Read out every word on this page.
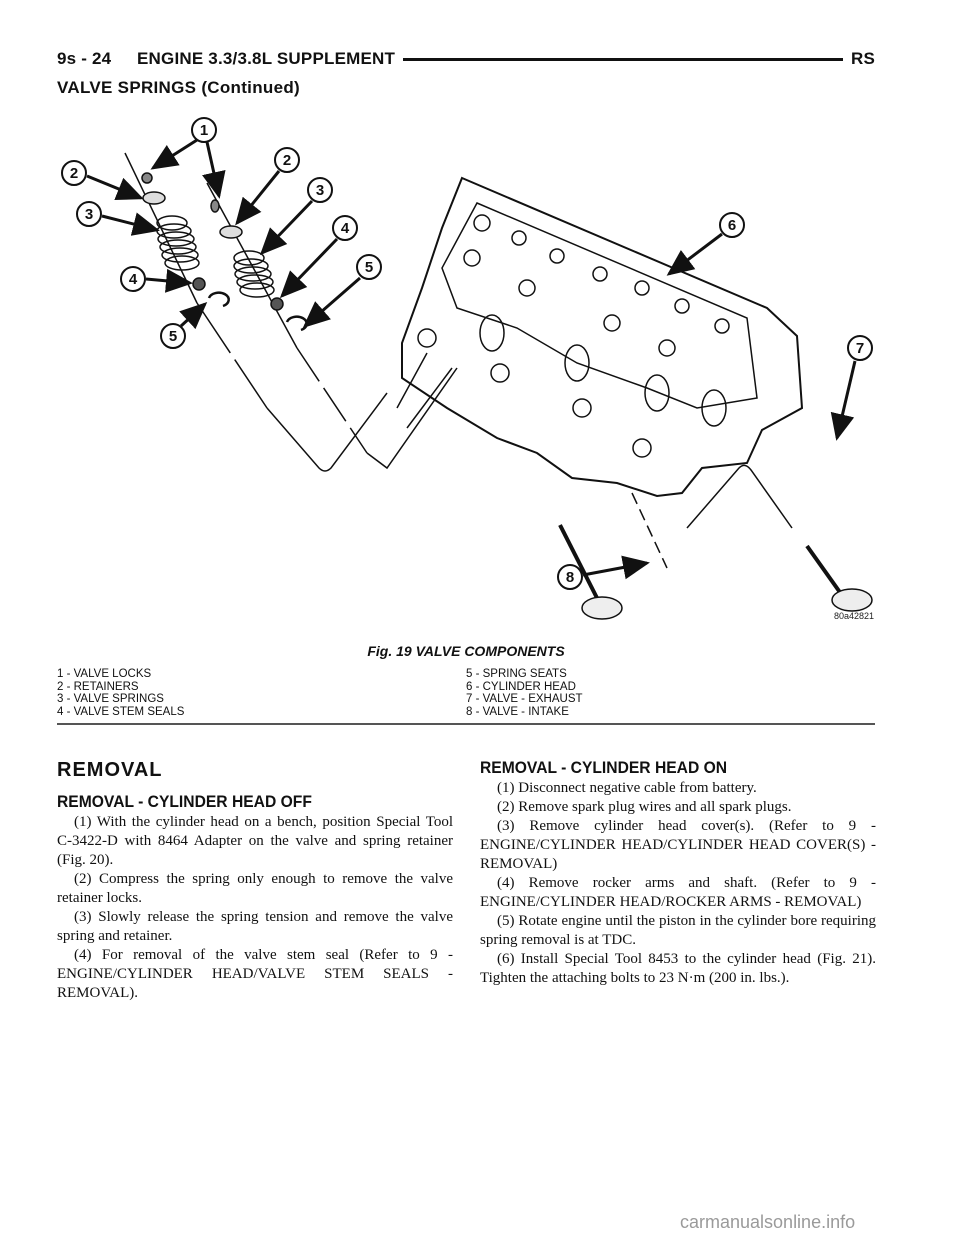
9s - 24	ENGINE 3.3/3.8L SUPPLEMENT	RS
VALVE SPRINGS (Continued)
1
2
2
3
3
4
4
5
5
6
7
8
80a42821
Fig. 19 VALVE COMPONENTS
1 - VALVE LOCKS
2 - RETAINERS
3 - VALVE SPRINGS
4 - VALVE STEM SEALS
5 - SPRING SEATS
6 - CYLINDER HEAD
7 - VALVE - EXHAUST
8 - VALVE - INTAKE
REMOVAL
REMOVAL - CYLINDER HEAD OFF

(1) With the cylinder head on a bench, position Special Tool C-3422-D with 8464 Adapter on the valve and spring retainer (Fig. 20).

(2) Compress the spring only enough to remove the valve retainer locks.

(3) Slowly release the spring tension and remove the valve spring and retainer.

(4) For removal of the valve stem seal (Refer to 9 - ENGINE/CYLINDER HEAD/VALVE STEM SEALS - REMOVAL).

REMOVAL - CYLINDER HEAD ON

(1) Disconnect negative cable from battery.

(2) Remove spark plug wires and all spark plugs.

(3) Remove cylinder head cover(s). (Refer to 9 - ENGINE/CYLINDER HEAD/CYLINDER HEAD COVER(S) - REMOVAL)

(4) Remove rocker arms and shaft. (Refer to 9 - ENGINE/CYLINDER HEAD/ROCKER ARMS - REMOVAL)

(5) Rotate engine until the piston in the cylinder bore requiring spring removal is at TDC.

(6) Install Special Tool 8453 to the cylinder head (Fig. 21). Tighten the attaching bolts to 23 N·m (200 in. lbs.).

carmanualsonline.info
